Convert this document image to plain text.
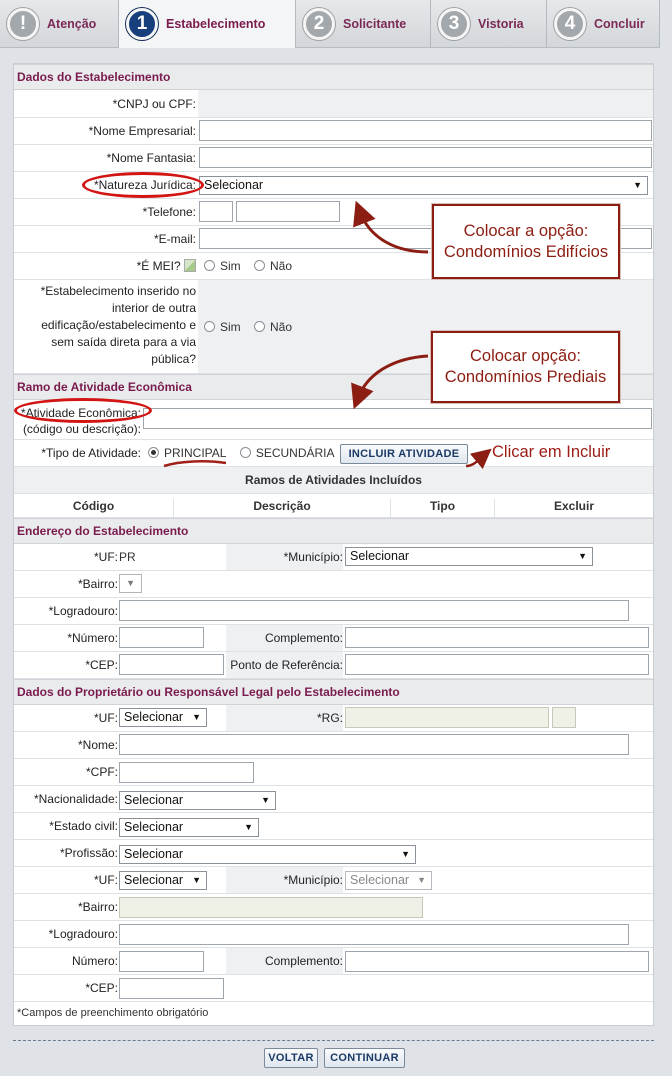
!	Atenção	1	Estabelecimento	2	Solicitante	3	Vistoria	4	Concluir
Dados do Estabelecimento
*CNPJ ou CPF:
*Nome Empresarial:
*Nome Fantasia:
*Natureza Jurídica: Selecionar	▼
*Telefone:
*E-mail:
*É MEI?	Sim Não
*Estabelecimento inserido no interior de outra edificação/estabelecimento e sem saída direta para a via pública?
Sim Não
Ramo de Atividade Econômica
*Atividade Econômica:
(código ou descrição):
*Tipo de Atividade:	PRINCIPAL SECUNDÁRIA	INCLUIR ATIVIDADE
Ramos de Atividades Incluídos
Código	Descrição	Tipo	Excluir
Endereço do Estabelecimento
*UF: PR	*Município: Selecionar	▼
*Bairro: ▼
*Logradouro:
*Número:	Complemento:
*CEP:	Ponto de Referência:
Dados do Proprietário ou Responsável Legal pelo Estabelecimento
*UF: Selecionar ▼	*RG:
*Nome:
*CPF:
*Nacionalidade: Selecionar	▼
*Estado civil: Selecionar	▼
*Profissão: Selecionar	▼
*UF: Selecionar ▼	*Município: Selecionar ▼
*Bairro:
*Logradouro:
Número:	Complemento:
*CEP:
*Campos de preenchimento obrigatório
VOLTAR	CONTINUAR
Colocar a opção:
Condomínios Edifícios
Colocar opção:
Condomínios Prediais
Clicar em Incluir
